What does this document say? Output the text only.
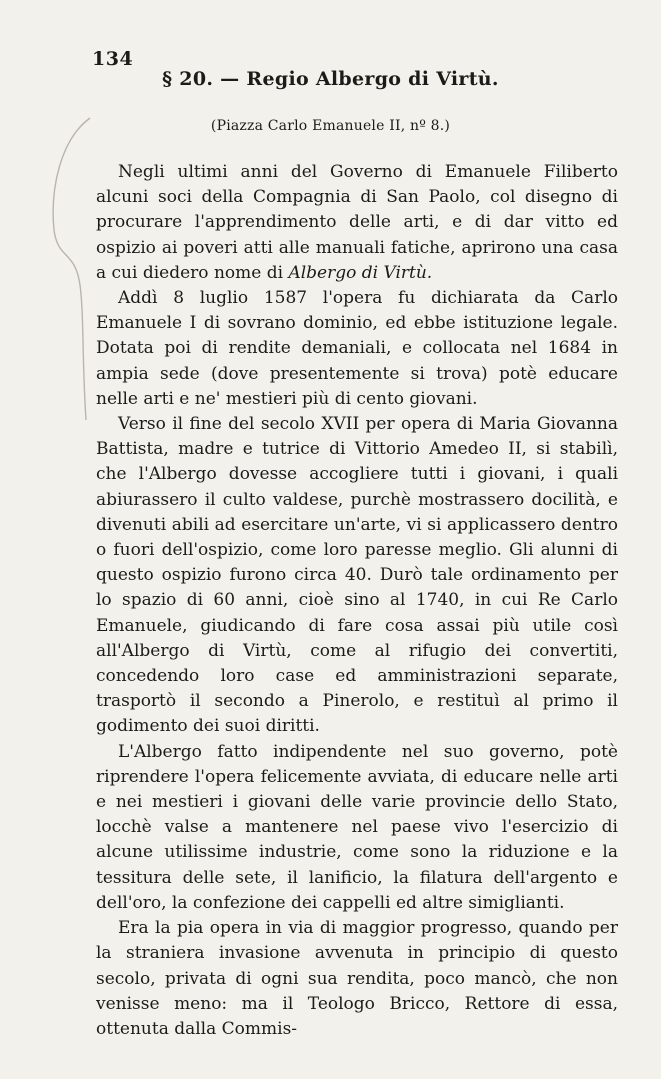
134
§ 20. — Regio Albergo di Virtù.
(Piazza Carlo Emanuele II, nº 8.)

Negli ultimi anni del Governo di Emanuele Filiberto alcuni soci della Compagnia di San Paolo, col disegno di procurare l'apprendimento delle arti, e di dar vitto ed ospizio ai poveri atti alle manuali fatiche, aprirono una casa a cui diedero nome di Albergo di Virtù.

Addì 8 luglio 1587 l'opera fu dichiarata da Carlo Emanuele I di sovrano dominio, ed ebbe istituzione legale. Dotata poi di rendite demaniali, e collocata nel 1684 in ampia sede (dove presentemente si trova) potè educare nelle arti e ne' mestieri più di cento giovani.

Verso il fine del secolo XVII per opera di Maria Giovanna Battista, madre e tutrice di Vittorio Amedeo II, si stabilì, che l'Albergo dovesse accogliere tutti i giovani, i quali abiurassero il culto valdese, purchè mostrassero docilità, e divenuti abili ad esercitare un'arte, vi si applicassero dentro o fuori dell'ospizio, come loro paresse meglio. Gli alunni di questo ospizio furono circa 40. Durò tale ordinamento per lo spazio di 60 anni, cioè sino al 1740, in cui Re Carlo Emanuele, giudicando di fare cosa assai più utile così all'Albergo di Virtù, come al rifugio dei convertiti, concedendo loro case ed amministrazioni separate, trasportò il secondo a Pinerolo, e restituì al primo il godimento dei suoi diritti.

L'Albergo fatto indipendente nel suo governo, potè riprendere l'opera felicemente avviata, di educare nelle arti e nei mestieri i giovani delle varie provincie dello Stato, locchè valse a mantenere nel paese vivo l'esercizio di alcune utilissime industrie, come sono la riduzione e la tessitura delle sete, il lanificio, la filatura dell'argento e dell'oro, la confezione dei cappelli ed altre simiglianti.

Era la pia opera in via di maggior progresso, quando per la straniera invasione avvenuta in principio di questo secolo, privata di ogni sua rendita, poco mancò, che non venisse meno: ma il Teologo Bricco, Rettore di essa, ottenuta dalla Commis-
